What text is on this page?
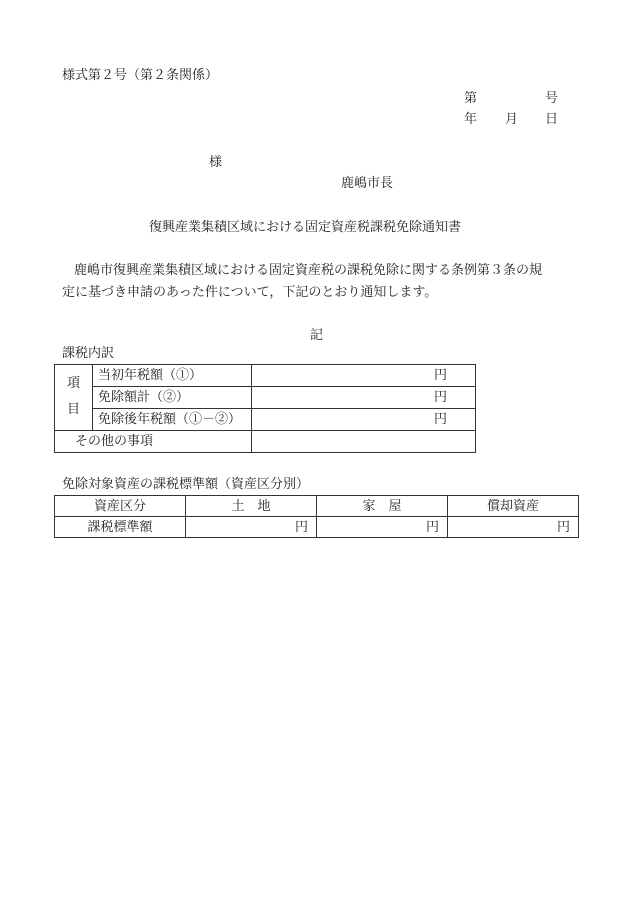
様式第２号（第２条関係）
第	号
年 月 日
様
鹿嶋市長
復興産業集積区域における固定資産税課税免除通知書
鹿嶋市復興産業集積区域における固定資産税の課税免除に関する条例第３条の規
定に基づき申請のあった件について，下記のとおり通知します。
記
課税内訳
項
目	当初年税額（①）	円
	免除額計（②）	円
	免除後年税額（①－②）	円
その他の事項		
免除対象資産の課税標準額（資産区分別）
資産区分	土　地	家　屋	償却資産
課税標準額	円	円	円
